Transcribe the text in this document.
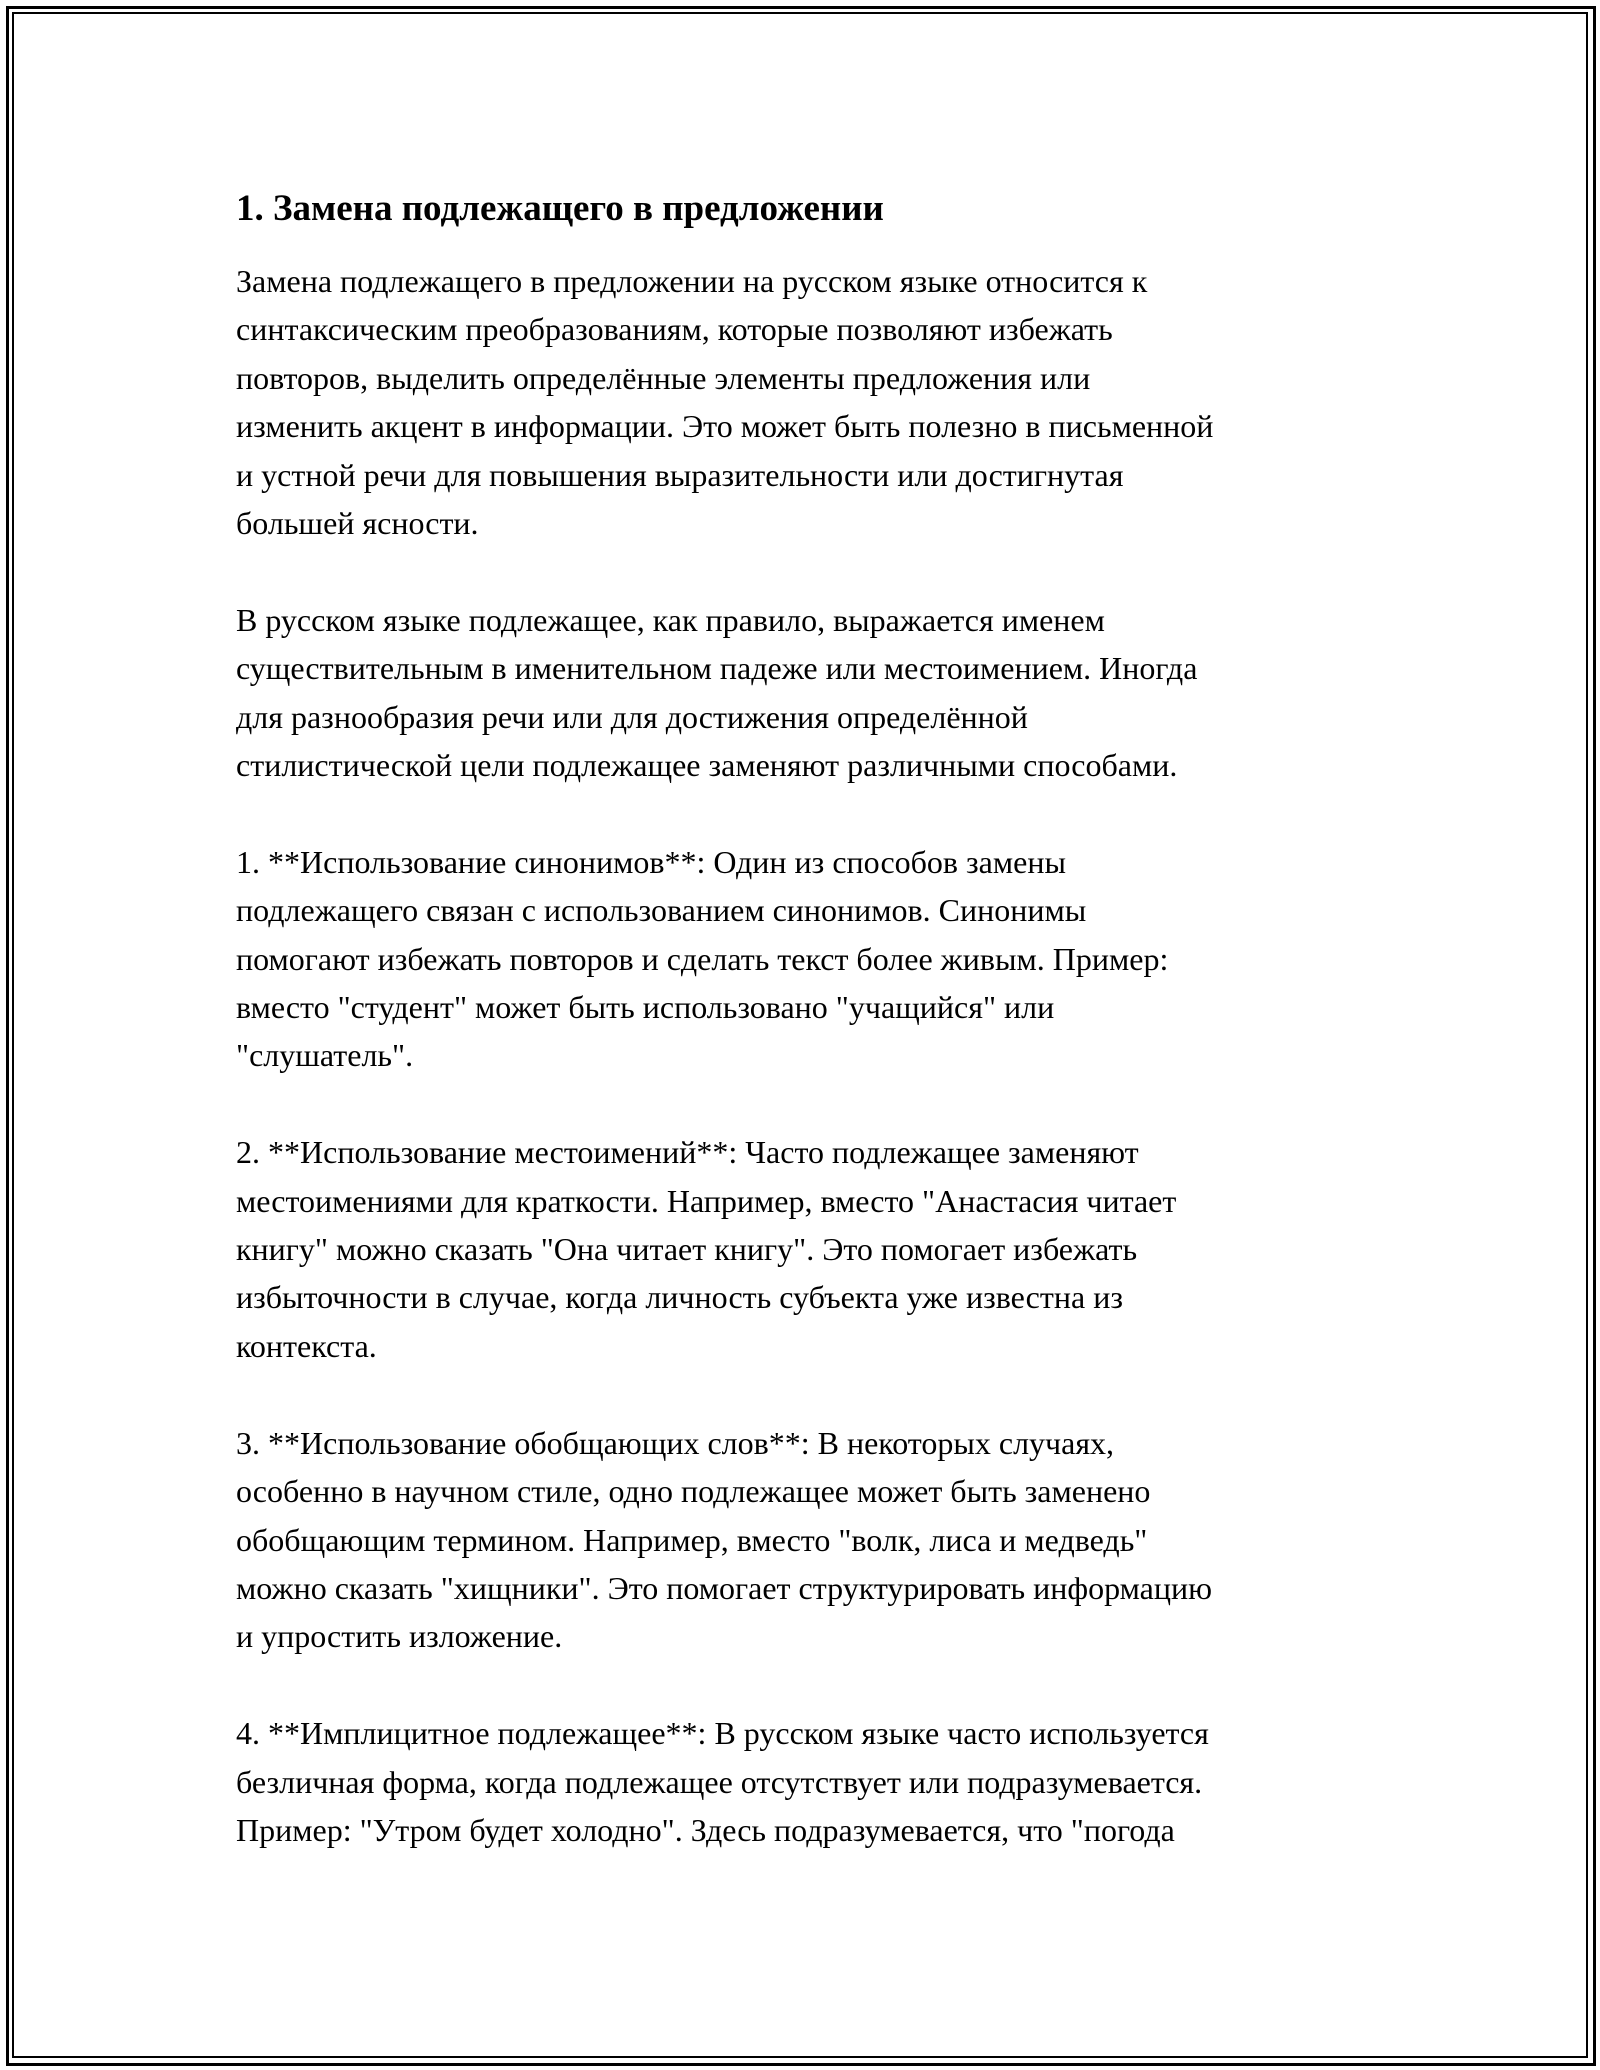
1. Замена подлежащего в предложении
Замена подлежащего в предложении на русском языке относится к
синтаксическим преобразованиям, которые позволяют избежать
повторов, выделить определённые элементы предложения или
изменить акцент в информации. Это может быть полезно в письменной
и устной речи для повышения выразительности или достигнутая
большей ясности.
В русском языке подлежащее, как правило, выражается именем
существительным в именительном падеже или местоимением. Иногда
для разнообразия речи или для достижения определённой
стилистической цели подлежащее заменяют различными способами.
1. **Использование синонимов**: Один из способов замены
подлежащего связан с использованием синонимов. Синонимы
помогают избежать повторов и сделать текст более живым. Пример:
вместо "студент" может быть использовано "учащийся" или
"слушатель".
2. **Использование местоимений**: Часто подлежащее заменяют
местоимениями для краткости. Например, вместо "Анастасия читает
книгу" можно сказать "Она читает книгу". Это помогает избежать
избыточности в случае, когда личность субъекта уже известна из
контекста.
3. **Использование обобщающих слов**: В некоторых случаях,
особенно в научном стиле, одно подлежащее может быть заменено
обобщающим термином. Например, вместо "волк, лиса и медведь"
можно сказать "хищники". Это помогает структурировать информацию
и упростить изложение.
4. **Имплицитное подлежащее**: В русском языке часто используется
безличная форма, когда подлежащее отсутствует или подразумевается.
Пример: "Утром будет холодно". Здесь подразумевается, что "погода
